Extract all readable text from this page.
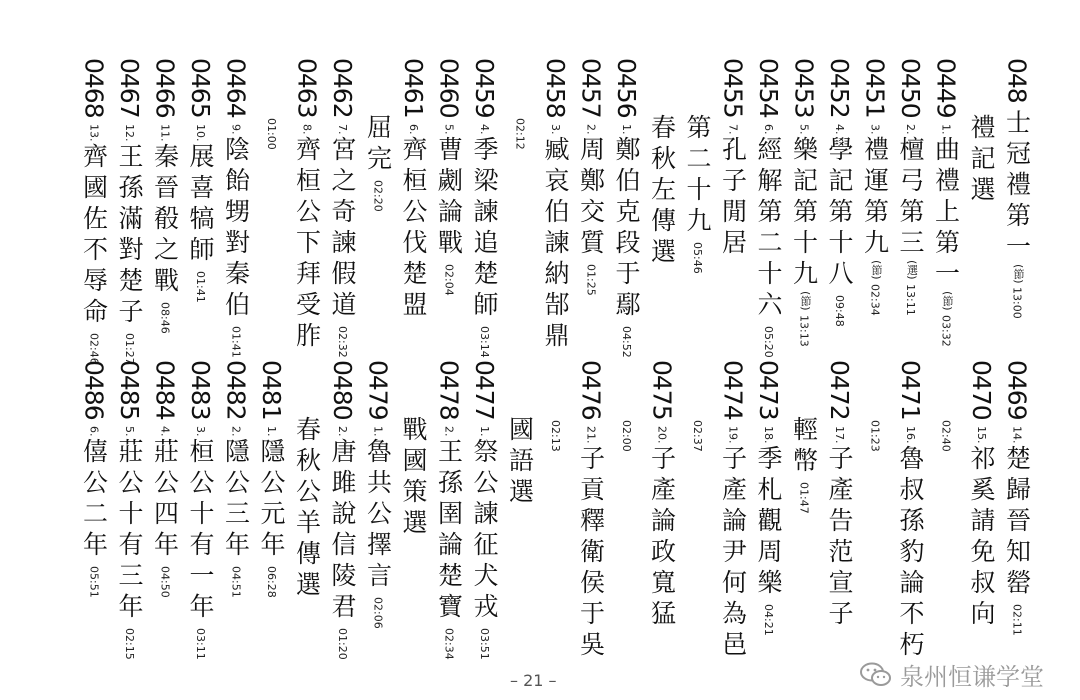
048
士冠禮第一
(節)
13:00
禮記選
0449
1.
曲禮上第一
(節)
03:32
0450
2.
檀弓第三
(選)
13:11
0451
3.
禮運第九
(節)
02:34
0452
4.
學記第十八
09:48
0453
5.
樂記第十九
(節)
13:13
0454
6.
經解第二十六
05:20
0455
7.
孔子閒居
第二十九
05:46
春秋左傳選
0456
1.
鄭伯克段于鄢
04:52
0457
2.
周鄭交質
01:25
0458
3.
臧哀伯諫納郜鼎
02:12
0459
4.
季梁諫追楚師
03:14
0460
5.
曹劌論戰
02:04
0461
6.
齊桓公伐楚盟
屈完
02:20
0462
7.
宮之奇諫假道
02:32
0463
8.
齊桓公下拜受胙
01:00
0464
9.
陰飴甥對秦伯
01:41
0465
10.
展喜犒師
01:41
0466
11.
秦晉殽之戰
08:46
0467
12.
王孫滿對楚子
01:27
0468
13.
齊國佐不辱命
02:46
0469
14.
楚歸晉知罃
02:11
0470
15.
祁奚請免叔向
02:40
0471
16.
魯叔孫豹論不朽
01:23
0472
17.
子產告范宣子
輕幣
01:47
0473
18.
季札觀周樂
04:21
0474
19.
子產論尹何為邑
02:37
0475
20.
子產論政寬猛
02:00
0476
21.
子貢釋衛侯于吳
02:13
國語選
0477
1.
祭公諫征犬戎
03:51
0478
2.
王孫圉論楚寶
02:34
戰國策選
0479
1.
魯共公擇言
02:06
0480
2.
唐雎說信陵君
01:20
春秋公羊傳選
0481
1.
隱公元年
06:28
0482
2.
隱公三年
04:51
0483
3.
桓公十有一年
03:11
0484
4.
莊公四年
04:50
0485
5.
莊公十有三年
02:15
0486
6.
僖公二年
05:51
– 21 –	泉州恒谦学堂
